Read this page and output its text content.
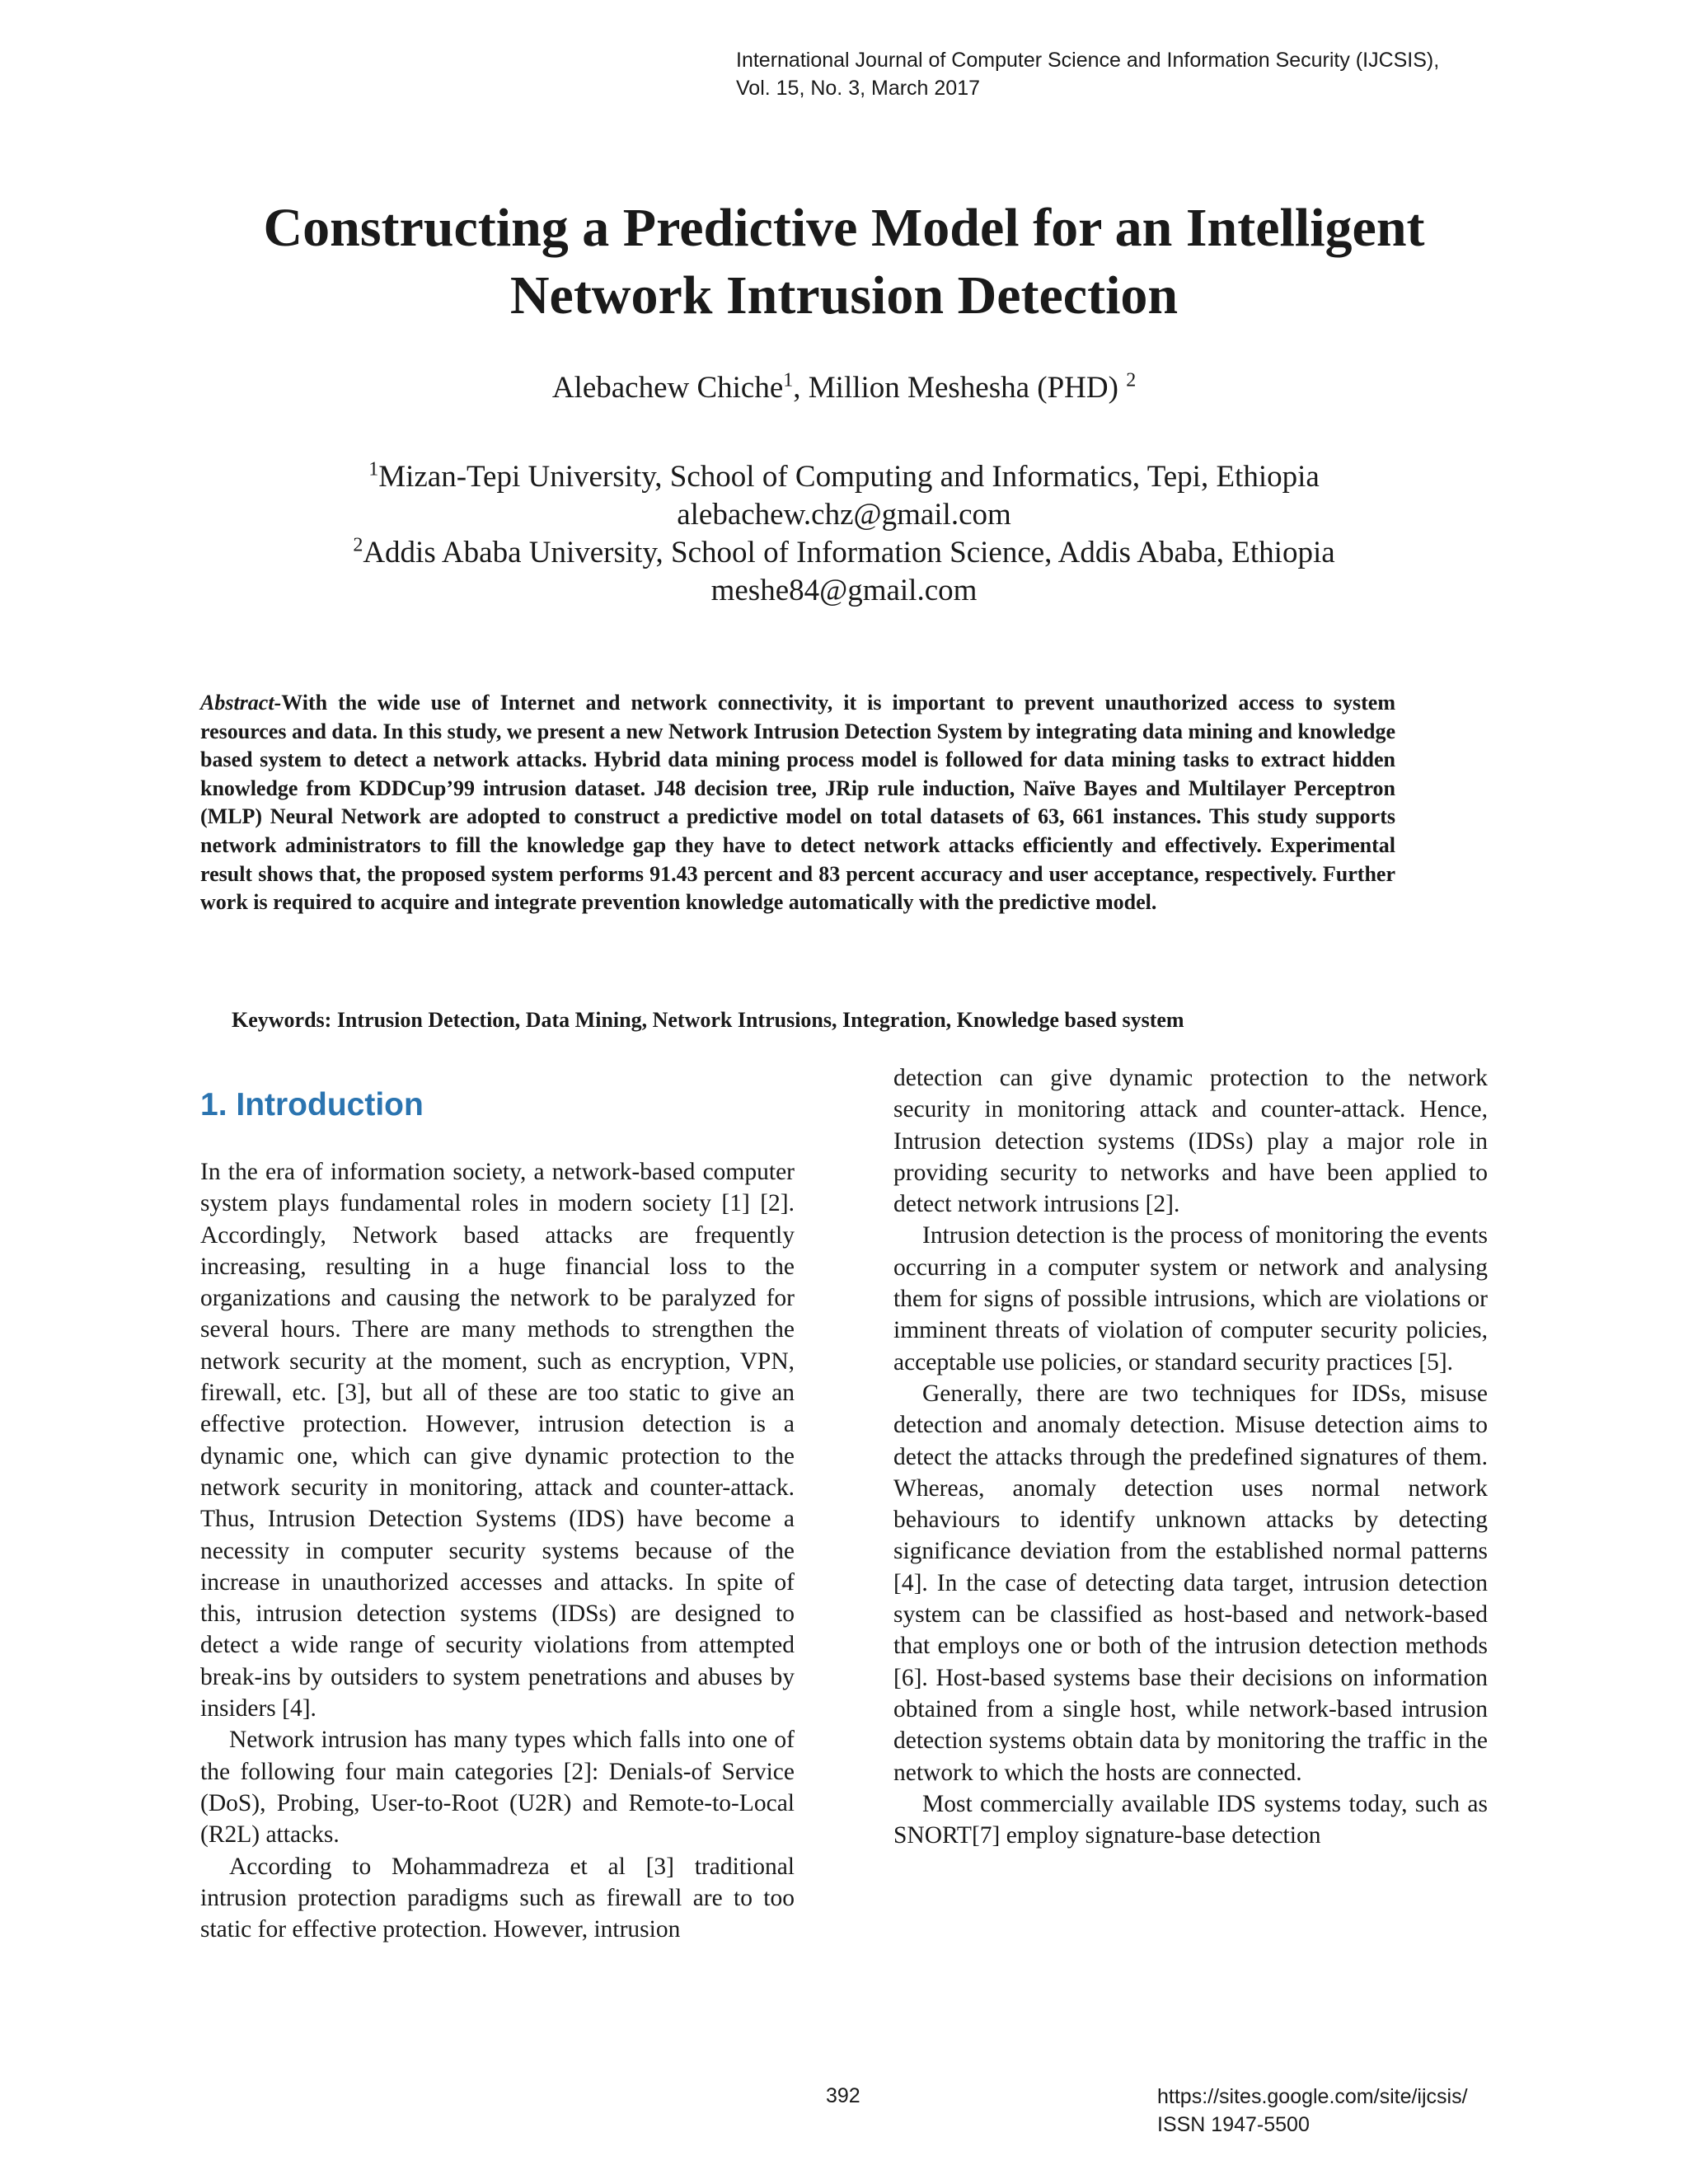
International Journal of Computer Science and Information Security (IJCSIS),
Vol. 15, No. 3, March 2017
Constructing a Predictive Model for an Intelligent
Network Intrusion Detection
Alebachew Chiche$^1$, Million Meshesha (PHD) $^2$
$^1$Mizan-Tepi University, School of Computing and Informatics, Tepi, Ethiopia
alebachew.chz@gmail.com
$^2$Addis Ababa University, School of Information Science, Addis Ababa, Ethiopia
meshe84@gmail.com
Abstract-With the wide use of Internet and network connectivity, it is important to prevent unauthorized access to system resources and data. In this study, we present a new Network Intrusion Detection System by integrating data mining and knowledge based system to detect a network attacks. Hybrid data mining process model is followed for data mining tasks to extract hidden knowledge from KDDCup’99 intrusion dataset. J48 decision tree, JRip rule induction, Naïve Bayes and Multilayer Perceptron (MLP) Neural Network are adopted to construct a predictive model on total datasets of 63, 661 instances. This study supports network administrators to fill the knowledge gap they have to detect network attacks efficiently and effectively. Experimental result shows that, the proposed system performs 91.43 percent and 83 percent accuracy and user acceptance, respectively. Further work is required to acquire and integrate prevention knowledge automatically with the predictive model.
Keywords: Intrusion Detection, Data Mining, Network Intrusions, Integration, Knowledge based system
1. Introduction

In the era of information society, a network-based computer system plays fundamental roles in modern society [1] [2]. Accordingly, Network based attacks are frequently increasing, resulting in a huge financial loss to the organizations and causing the network to be paralyzed for several hours. There are many methods to strengthen the network security at the moment, such as encryption, VPN, firewall, etc. [3], but all of these are too static to give an effective protection. However, intrusion detection is a dynamic one, which can give dynamic protection to the network security in monitoring, attack and counter-attack. Thus, Intrusion Detection Systems (IDS) have become a necessity in computer security systems because of the increase in unauthorized accesses and attacks. In spite of this, intrusion detection systems (IDSs) are designed to detect a wide range of security violations from attempted break-ins by outsiders to system penetrations and abuses by insiders [4].

Network intrusion has many types which falls into one of the following four main categories [2]: Denials-of Service (DoS), Probing, User-to-Root (U2R) and Remote-to-Local (R2L) attacks.

According to Mohammadreza et al [3] traditional intrusion protection paradigms such as firewall are to too static for effective protection. However, intrusion

detection can give dynamic protection to the network security in monitoring attack and counter-attack. Hence, Intrusion detection systems (IDSs) play a major role in providing security to networks and have been applied to detect network intrusions [2].

Intrusion detection is the process of monitoring the events occurring in a computer system or network and analysing them for signs of possible intrusions, which are violations or imminent threats of violation of computer security policies, acceptable use policies, or standard security practices [5].

Generally, there are two techniques for IDSs, misuse detection and anomaly detection. Misuse detection aims to detect the attacks through the predefined signatures of them. Whereas, anomaly detection uses normal network behaviours to identify unknown attacks by detecting significance deviation from the established normal patterns [4]. In the case of detecting data target, intrusion detection system can be classified as host-based and network-based that employs one or both of the intrusion detection methods [6]. Host-based systems base their decisions on information obtained from a single host, while network-based intrusion detection systems obtain data by monitoring the traffic in the network to which the hosts are connected.

Most commercially available IDS systems today, such as SNORT[7] employ signature-base detection

392	https://sites.google.com/site/ijcsis/
ISSN 1947-5500
